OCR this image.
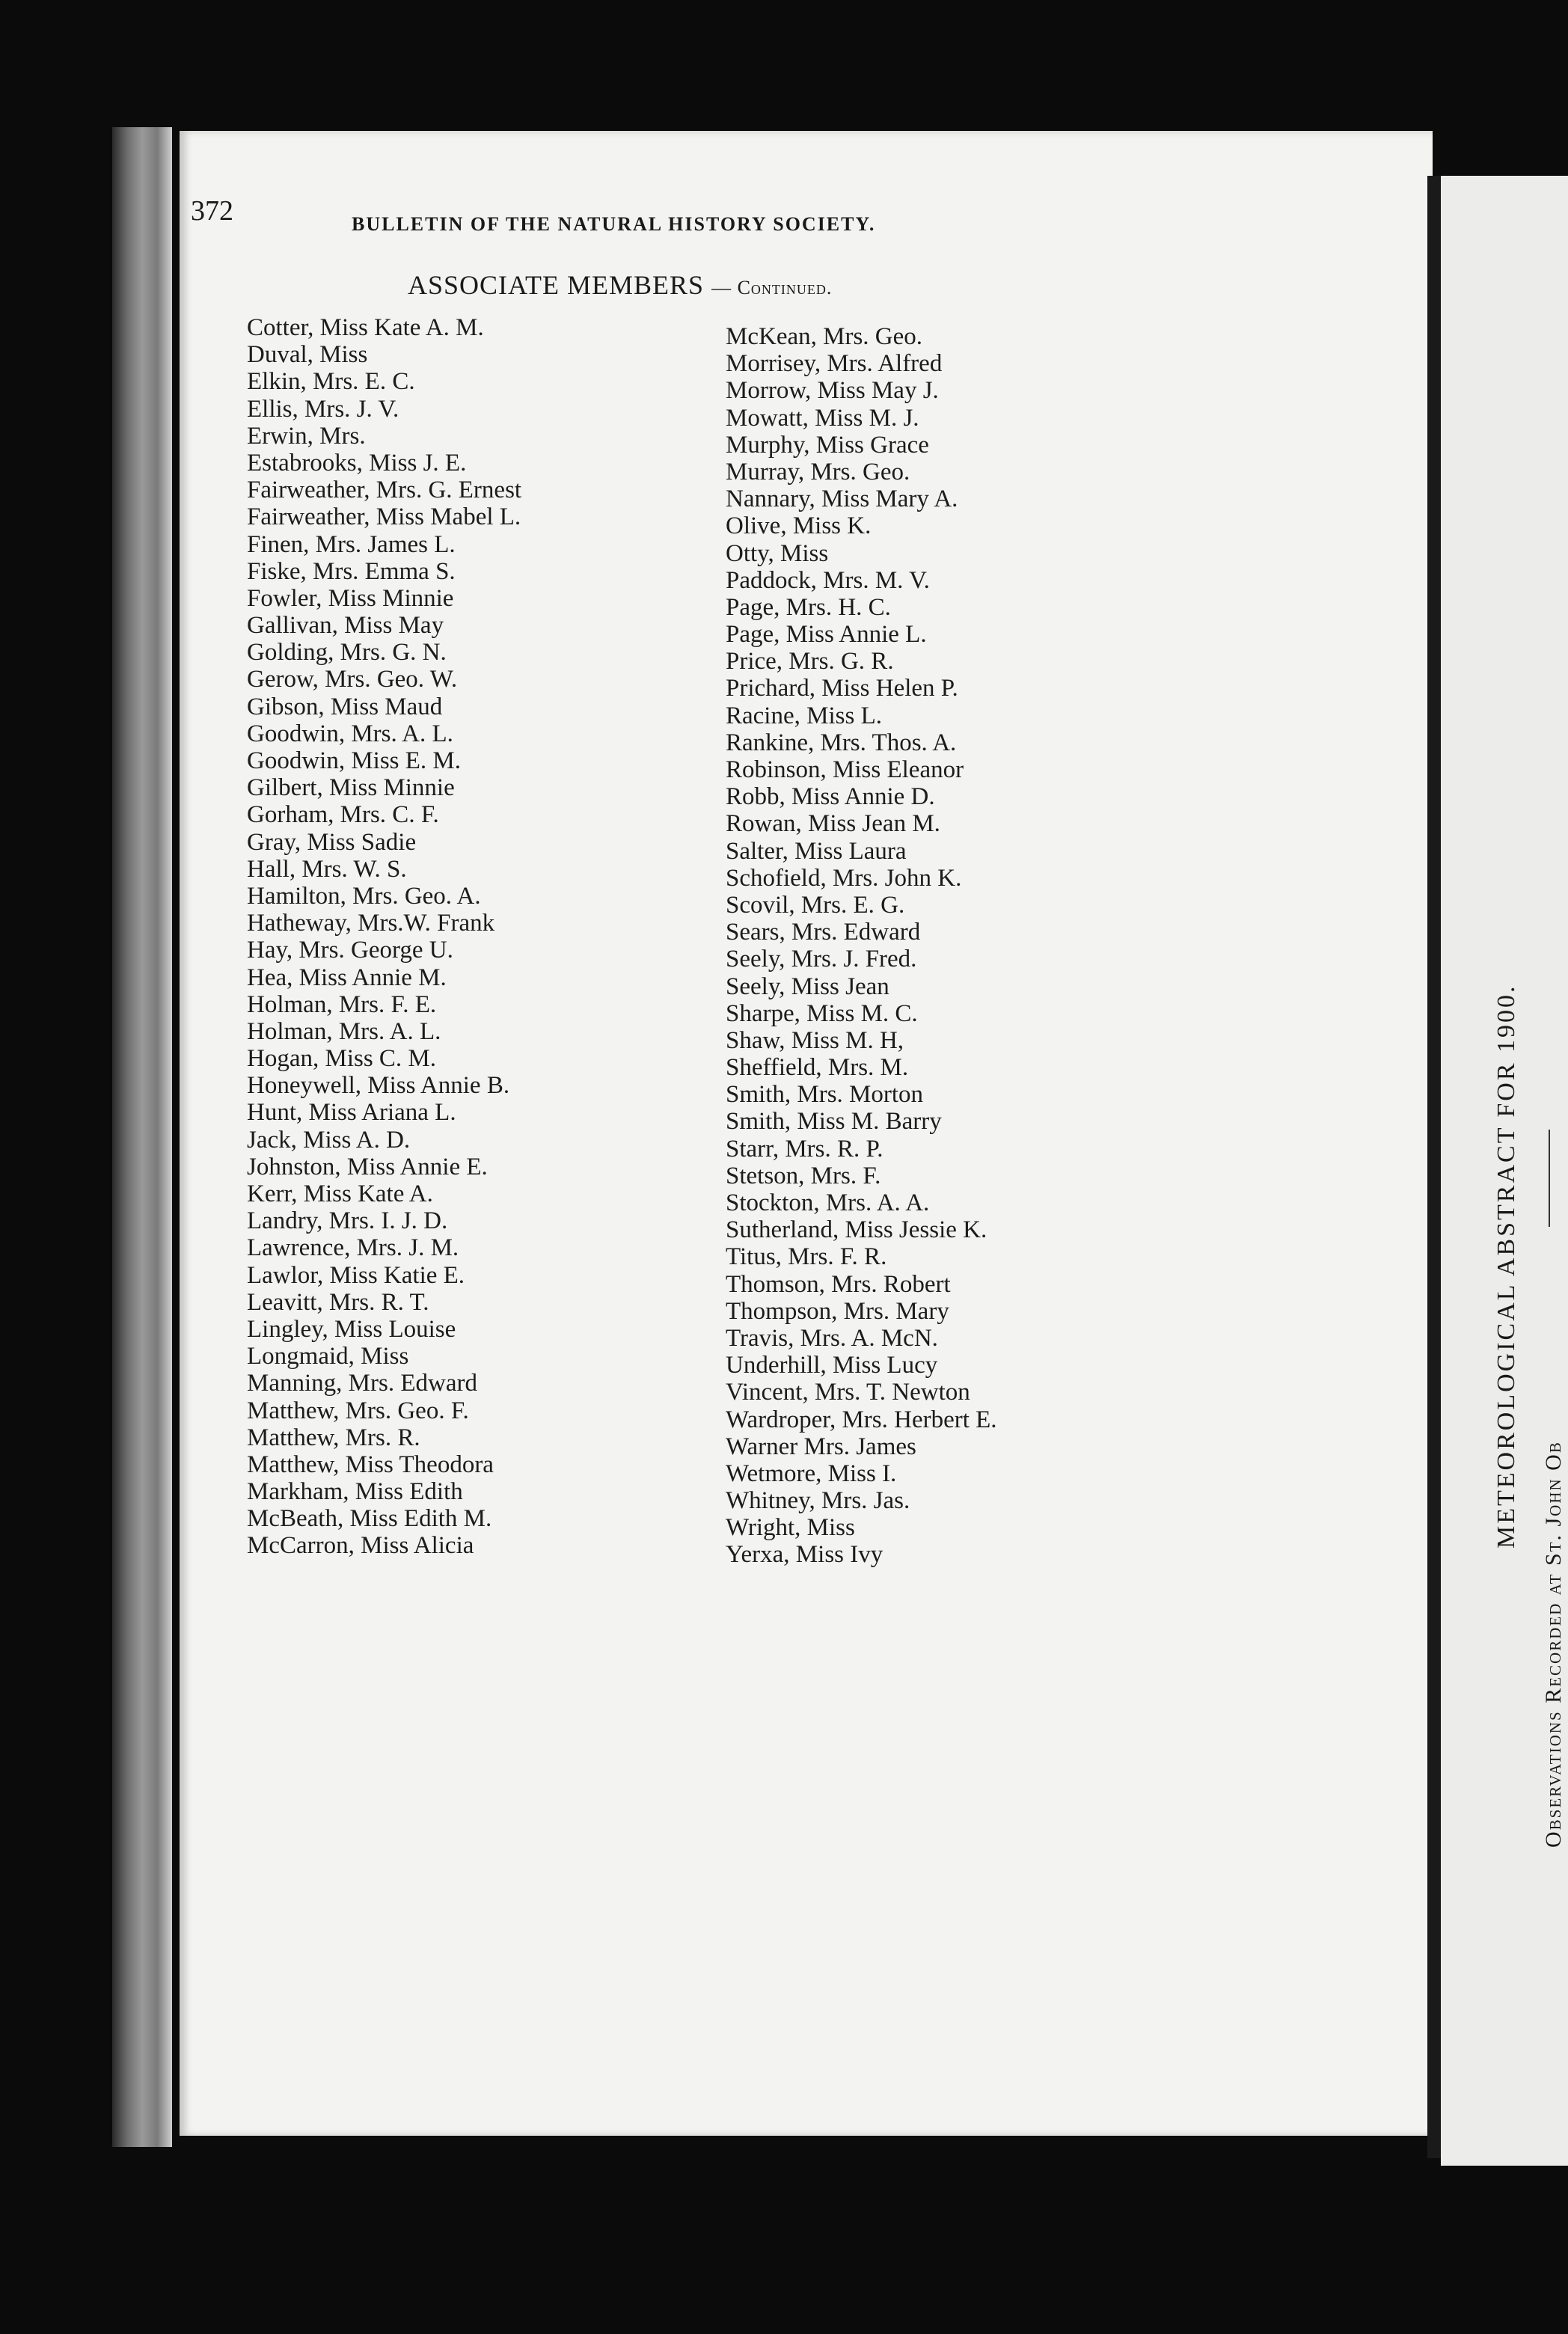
372	BULLETIN OF THE NATURAL HISTORY SOCIETY.
ASSOCIATE MEMBERS — Continued.
Cotter, Miss Kate A. M.
Duval, Miss
Elkin, Mrs. E. C.
Ellis, Mrs. J. V.
Erwin, Mrs.
Estabrooks, Miss J. E.
Fairweather, Mrs. G. Ernest
Fairweather, Miss Mabel L.
Finen, Mrs. James L.
Fiske, Mrs. Emma S.
Fowler, Miss Minnie
Gallivan, Miss May
Golding, Mrs. G. N.
Gerow, Mrs. Geo. W.
Gibson, Miss Maud
Goodwin, Mrs. A. L.
Goodwin, Miss E. M.
Gilbert, Miss Minnie
Gorham, Mrs. C. F.
Gray, Miss Sadie
Hall, Mrs. W. S.
Hamilton, Mrs. Geo. A.
Hatheway, Mrs.W. Frank
Hay, Mrs. George U.
Hea, Miss Annie M.
Holman, Mrs. F. E.
Holman, Mrs. A. L.
Hogan, Miss C. M.
Honeywell, Miss Annie B.
Hunt, Miss Ariana L.
Jack, Miss A. D.
Johnston, Miss Annie E.
Kerr, Miss Kate A.
Landry, Mrs. I. J. D.
Lawrence, Mrs. J. M.
Lawlor, Miss Katie E.
Leavitt, Mrs. R. T.
Lingley, Miss Louise
Longmaid, Miss
Manning, Mrs. Edward
Matthew, Mrs. Geo. F.
Matthew, Mrs. R.
Matthew, Miss Theodora
Markham, Miss Edith
McBeath, Miss Edith M.
McCarron, Miss Alicia
McKean, Mrs. Geo.
Morrisey, Mrs. Alfred
Morrow, Miss May J.
Mowatt, Miss M. J.
Murphy, Miss Grace
Murray, Mrs. Geo.
Nannary, Miss Mary A.
Olive, Miss K.
Otty, Miss
Paddock, Mrs. M. V.
Page, Mrs. H. C.
Page, Miss Annie L.
Price, Mrs. G. R.
Prichard, Miss Helen P.
Racine, Miss L.
Rankine, Mrs. Thos. A.
Robinson, Miss Eleanor
Robb, Miss Annie D.
Rowan, Miss Jean M.
Salter, Miss Laura
Schofield, Mrs. John K.
Scovil, Mrs. E. G.
Sears, Mrs. Edward
Seely, Mrs. J. Fred.
Seely, Miss Jean
Sharpe, Miss M. C.
Shaw, Miss M. H,
Sheffield, Mrs. M.
Smith, Mrs. Morton
Smith, Miss M. Barry
Starr, Mrs. R. P.
Stetson, Mrs. F.
Stockton, Mrs. A. A.
Sutherland, Miss Jessie K.
Titus, Mrs. F. R.
Thomson, Mrs. Robert
Thompson, Mrs. Mary
Travis, Mrs. A. McN.
Underhill, Miss Lucy
Vincent, Mrs. T. Newton
Wardroper, Mrs. Herbert E.
Warner Mrs. James
Wetmore, Miss I.
Whitney, Mrs. Jas.
Wright, Miss
Yerxa, Miss Ivy
METEOROLOGICAL ABSTRACT FOR 1900.
Observations Recorded at St. John Ob
